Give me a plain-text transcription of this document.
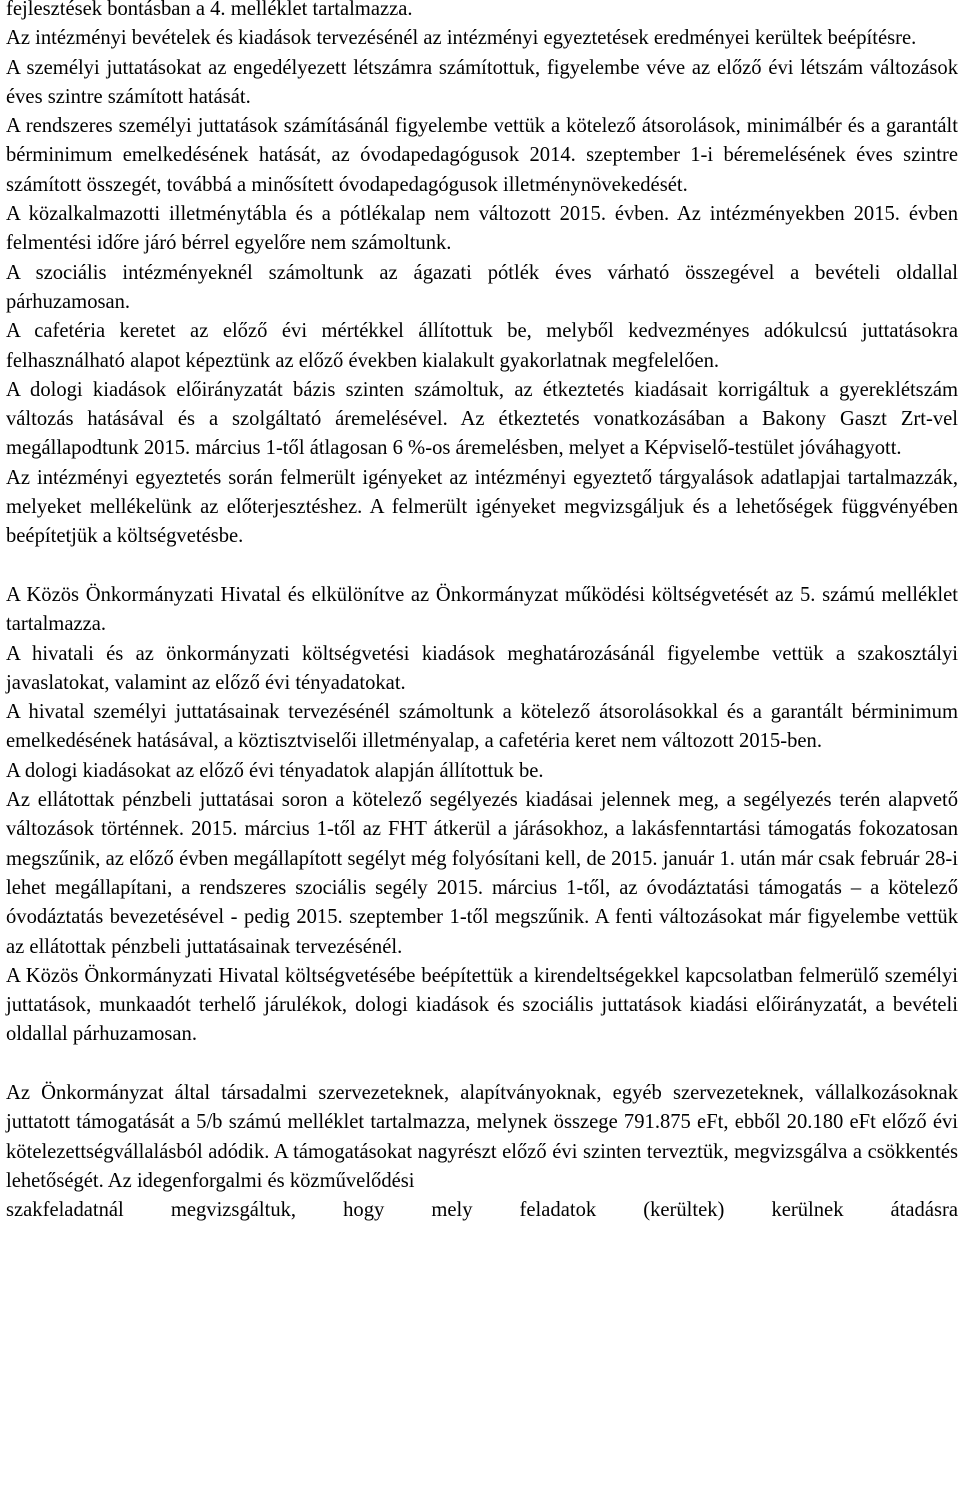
fejlesztések bontásban a 4. melléklet tartalmazza.

Az intézményi bevételek és kiadások tervezésénél az intézményi egyeztetések eredményei kerültek beépítésre.

A személyi juttatásokat az engedélyezett létszámra számítottuk, figyelembe véve az előző évi létszám változások éves szintre számított hatását.

A rendszeres személyi juttatások számításánál figyelembe vettük a kötelező átsorolások, minimálbér és a garantált bérminimum emelkedésének hatását, az óvodapedagógusok 2014. szeptember 1-i béremelésének éves szintre számított összegét, továbbá a minősített óvodapedagógusok illetménynövekedését.

A közalkalmazotti illetménytábla és a pótlékalap nem változott 2015. évben. Az intézményekben 2015. évben felmentési időre járó bérrel egyelőre nem számoltunk.

A szociális intézményeknél számoltunk az ágazati pótlék éves várható összegével a bevételi oldallal párhuzamosan.

A cafetéria keretet az előző évi mértékkel állítottuk be, melyből kedvezményes adókulcsú juttatásokra felhasználható alapot képeztünk az előző években kialakult gyakorlatnak megfelelően.

A dologi kiadások előirányzatát bázis szinten számoltuk, az étkeztetés kiadásait korrigáltuk a gyereklétszám változás hatásával és a szolgáltató áremelésével. Az étkeztetés vonatkozásában a Bakony Gaszt Zrt-vel megállapodtunk 2015. március 1-től átlagosan 6 %-os áremelésben, melyet a Képviselő-testület jóváhagyott.

Az intézményi egyeztetés során felmerült igényeket az intézményi egyeztető tárgyalások adatlapjai tartalmazzák, melyeket mellékelünk az előterjesztéshez. A felmerült igényeket megvizsgáljuk és a lehetőségek függvényében beépítetjük a költségvetésbe.

A Közös Önkormányzati Hivatal és elkülönítve az Önkormányzat működési költségvetését az 5. számú melléklet tartalmazza.

A hivatali és az önkormányzati költségvetési kiadások meghatározásánál figyelembe vettük a szakosztályi javaslatokat, valamint az előző évi tényadatokat.

A hivatal személyi juttatásainak tervezésénél számoltunk a kötelező átsorolásokkal és a garantált bérminimum emelkedésének hatásával, a köztisztviselői illetményalap, a cafetéria keret nem változott 2015-ben.

A dologi kiadásokat az előző évi tényadatok alapján állítottuk be.

Az ellátottak pénzbeli juttatásai soron a kötelező segélyezés kiadásai jelennek meg, a segélyezés terén alapvető változások történnek. 2015. március 1-től az FHT átkerül a járásokhoz, a lakásfenntartási támogatás fokozatosan megszűnik, az előző évben megállapított segélyt még folyósítani kell, de 2015. január 1. után már csak február 28-i lehet megállapítani, a rendszeres szociális segély 2015. március 1-től, az óvodáztatási támogatás – a kötelező óvodáztatás bevezetésével - pedig 2015. szeptember 1-től megszűnik. A fenti változásokat már figyelembe vettük az ellátottak pénzbeli juttatásainak tervezésénél.

A Közös Önkormányzati Hivatal költségvetésébe beépítettük a kirendeltségekkel kapcsolatban felmerülő személyi juttatások, munkaadót terhelő járulékok, dologi kiadások és szociális juttatások kiadási előirányzatát, a bevételi oldallal párhuzamosan.

Az Önkormányzat által társadalmi szervezeteknek, alapítványoknak, egyéb szervezeteknek, vállalkozásoknak juttatott támogatását a 5/b számú melléklet tartalmazza, melynek összege 791.875 eFt, ebből 20.180 eFt előző évi kötelezettségvállalásból adódik. A támogatásokat nagyrészt előző évi szinten terveztük, megvizsgálva a csökkentés lehetőségét. Az idegenforgalmi és közművelődési

szakfeladatnál megvizsgáltuk, hogy mely feladatok (kerültek) kerülnek átadásra
